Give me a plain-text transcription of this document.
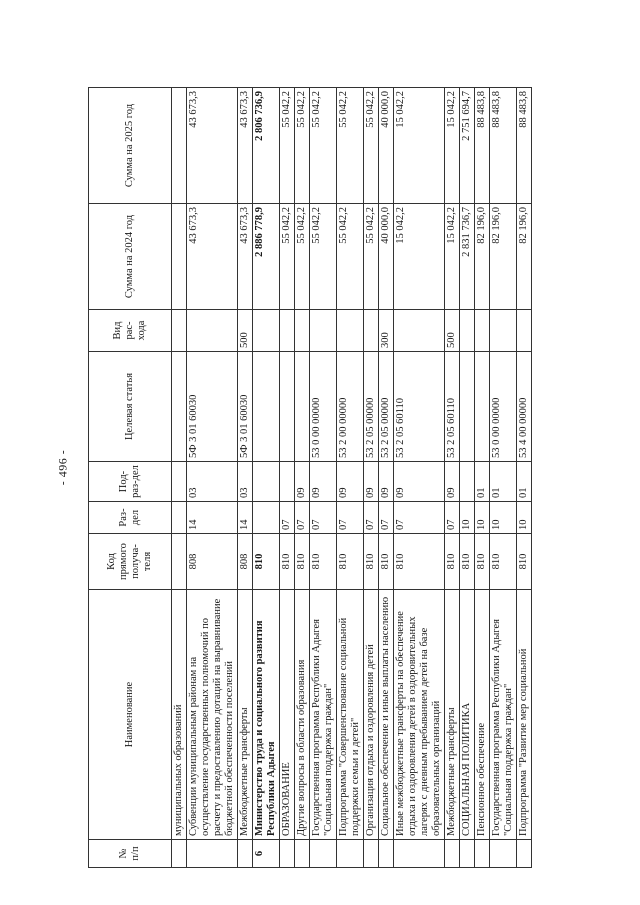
- 496 -
№ п/п	Наименование	Код прямого получа-теля	Раз-дел	Под-раз-дел	Целевая статья	Вид рас-хода	Сумма на 2024 год	Сумма на 2025 год
	муниципальных образований							
	Субвенции муниципальным районам на осуществление государственных полномочий по расчету и предоставлению дотаций на выравнивание бюджетной обеспеченности поселений	808	14	03	5Ф 3 01 60030		43 673,3	43 673,3
	Межбюджетные трансферты	808	14	03	5Ф 3 01 60030	500	43 673,3	43 673,3
6	Министерство труда и социального развития Республики Адыгея	810					2 886 778,9	2 806 736,9
	ОБРАЗОВАНИЕ	810	07				55 042,2	55 042,2
	Другие вопросы в области образования	810	07	09			55 042,2	55 042,2
	Государственная программа Республики Адыгея "Социальная поддержка граждан"	810	07	09	53 0 00 00000		55 042,2	55 042,2
	Подпрограмма "Совершенствование социальной поддержки семьи и детей"	810	07	09	53 2 00 00000		55 042,2	55 042,2
	Организация отдыха и оздоровления детей	810	07	09	53 2 05 00000		55 042,2	55 042,2
	Социальное обеспечение и иные выплаты населению	810	07	09	53 2 05 00000	300	40 000,0	40 000,0
	Иные межбюджетные трансферты на обеспечение отдыха и оздоровления детей в оздоровительных лагерях с дневным пребыванием детей на базе образовательных организаций	810	07	09	53 2 05 60110		15 042,2	15 042,2
	Межбюджетные трансферты	810	07	09	53 2 05 60110	500	15 042,2	15 042,2
	СОЦИАЛЬНАЯ ПОЛИТИКА	810	10				2 831 736,7	2 751 694,7
	Пенсионное обеспечение	810	10	01			82 196,0	88 483,8
	Государственная программа Республики Адыгея "Социальная поддержка граждан"	810	10	01	53 0 00 00000		82 196,0	88 483,8
	Подпрограмма "Развитие мер социальной	810	10	01	53 4 00 00000		82 196,0	88 483,8
